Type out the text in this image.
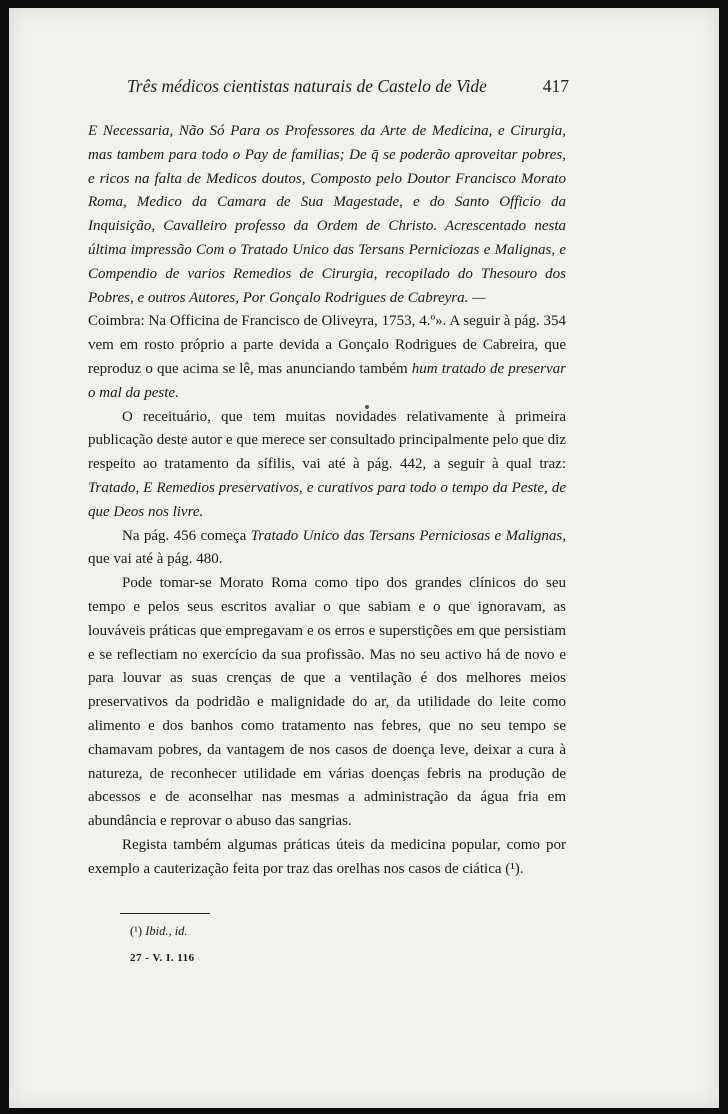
Três médicos cientistas naturais de Castelo de Vide	417

E Necessaria, Não Só Para os Professores da Arte de Medicina, e Cirurgia, mas tambem para todo o Pay de familias; De q̄ se poderão aproveitar pobres, e ricos na falta de Medicos doutos, Composto pelo Doutor Francisco Morato Roma, Medico da Camara de Sua Magestade, e do Santo Officio da Inquisição, Cavalleiro professo da Ordem de Christo. Acrescentado nesta última impressão Com o Tratado Unico das Tersans Perniciozas e Malignas, e Compendio de varios Remedios de Cirurgia, recopilado do Thesouro dos Pobres, e outros Autores, Por Gonçalo Rodrigues de Cabreyra. —

Coimbra: Na Officina de Francisco de Oliveyra, 1753, 4.º». A seguir à pág. 354 vem em rosto próprio a parte devida a Gonçalo Rodrigues de Cabreira, que reproduz o que acima se lê, mas anunciando também hum tratado de preservar o mal da peste.

O receituário, que tem muitas novidades relativamente à primeira publicação deste autor e que merece ser consultado principalmente pelo que diz respeito ao tratamento da sífilis, vai até à pág. 442, a seguir à qual traz: Tratado, E Remedios preservativos, e curativos para todo o tempo da Peste, de que Deos nos livre.

Na pág. 456 começa Tratado Unico das Tersans Perniciosas e Malignas, que vai até à pág. 480.

Pode tomar-se Morato Roma como tipo dos grandes clínicos do seu tempo e pelos seus escritos avaliar o que sabiam e o que ignoravam, as louváveis práticas que empregavam e os erros e superstições em que persistiam e se reflectiam no exercício da sua profissão. Mas no seu activo há de novo e para louvar as suas crenças de que a ventilação é dos melhores meios preservativos da podridão e malignidade do ar, da utilidade do leite como alimento e dos banhos como tratamento nas febres, que no seu tempo se chamavam pobres, da vantagem de nos casos de doença leve, deixar a cura à natureza, de reconhecer utilidade em várias doenças febris na produção de abcessos e de aconselhar nas mesmas a administração da água fria em abundância e reprovar o abuso das sangrias.

Regista também algumas práticas úteis da medicina popular, como por exemplo a cauterização feita por traz das orelhas nos casos de ciática (¹).

(¹) Ibid., id.
27 - V. I. 116
